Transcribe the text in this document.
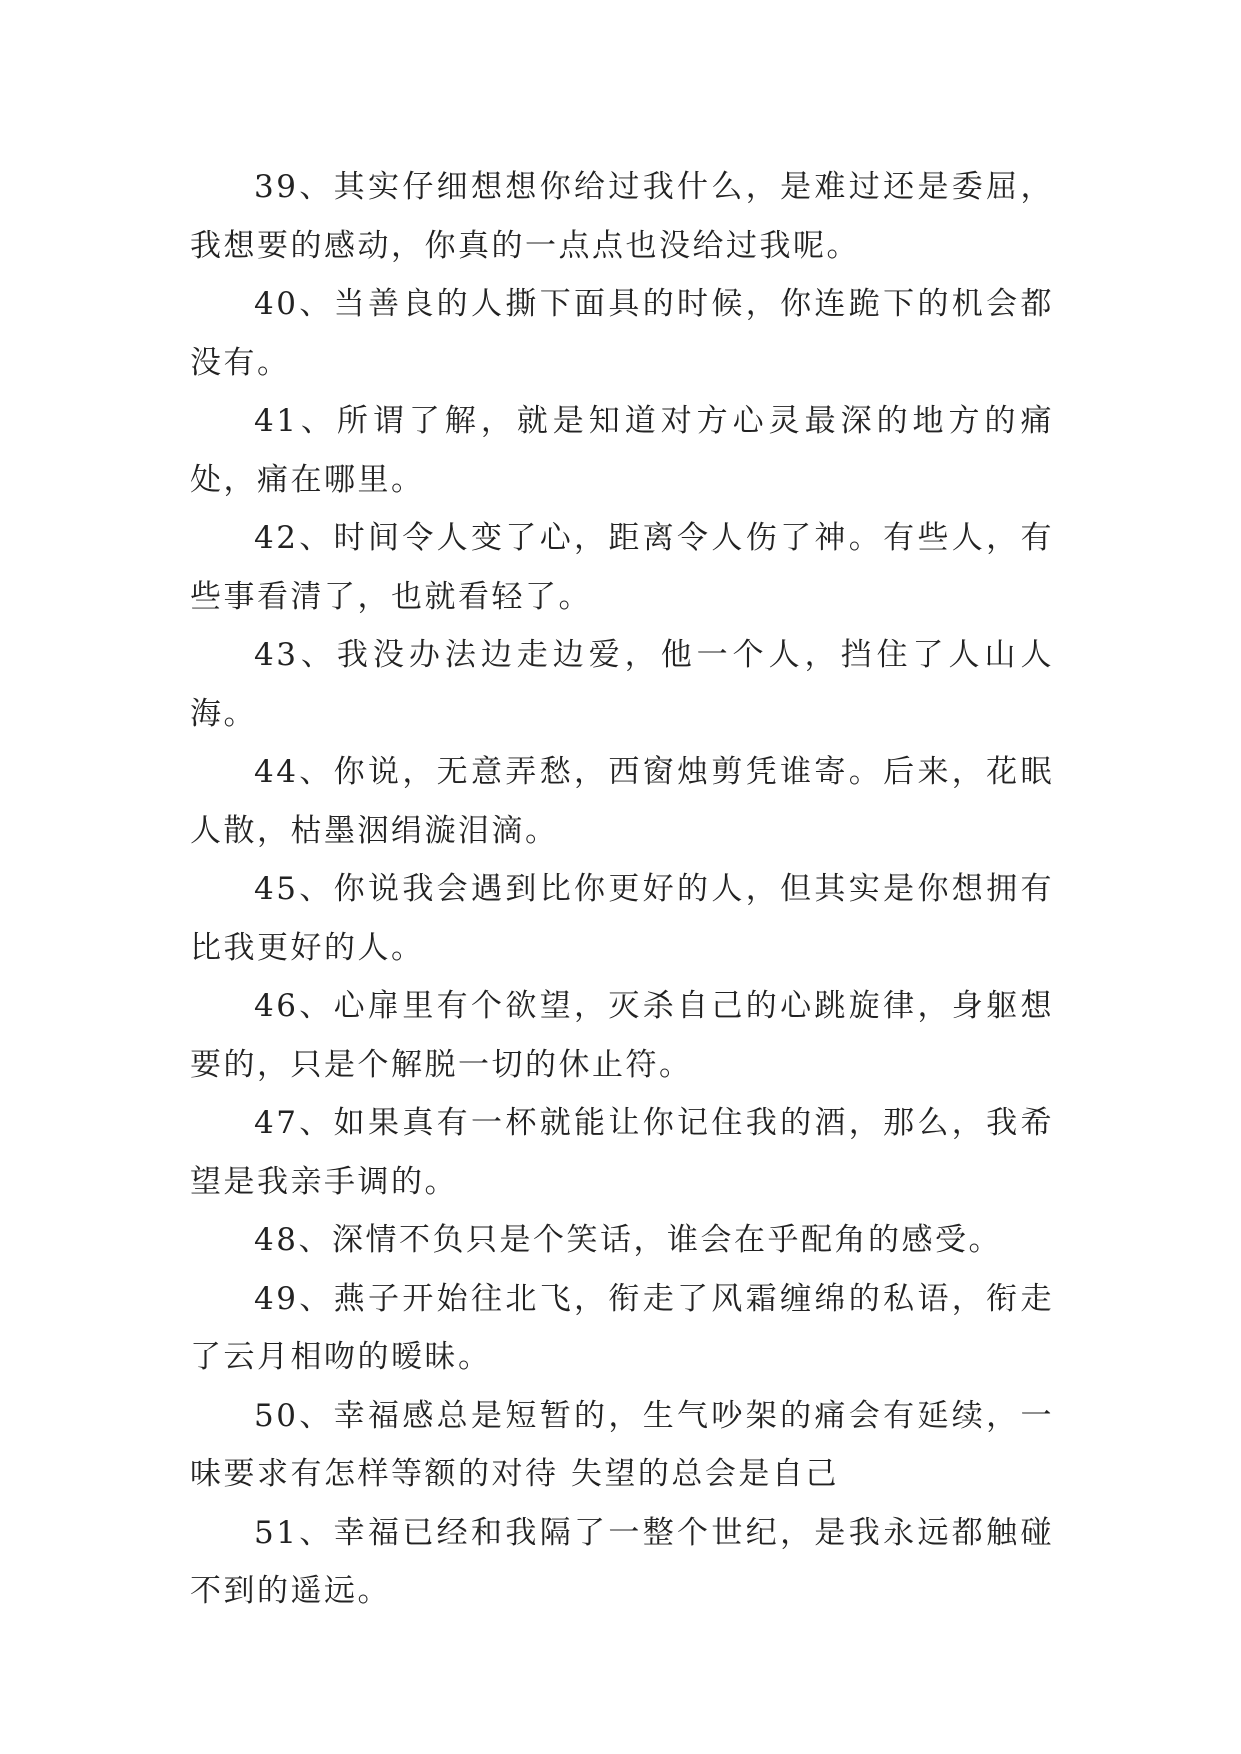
39、其实仔细想想你给过我什么，是难过还是委屈，我想要的感动，你真的一点点也没给过我呢。

40、当善良的人撕下面具的时候，你连跪下的机会都没有。

41、所谓了解，就是知道对方心灵最深的地方的痛处，痛在哪里。

42、时间令人变了心，距离令人伤了神。有些人，有些事看清了，也就看轻了。

43、我没办法边走边爱，他一个人，挡住了人山人海。

44、你说，无意弄愁，西窗烛剪凭谁寄。后来，花眠人散，枯墨洇绢漩泪滴。

45、你说我会遇到比你更好的人，但其实是你想拥有比我更好的人。

46、心扉里有个欲望，灭杀自己的心跳旋律，身躯想要的，只是个解脱一切的休止符。

47、如果真有一杯就能让你记住我的酒，那么，我希望是我亲手调的。

48、深情不负只是个笑话，谁会在乎配角的感受。

49、燕子开始往北飞，衔走了风霜缠绵的私语，衔走了云月相吻的暧昧。

50、幸福感总是短暂的，生气吵架的痛会有延续，一味要求有怎样等额的对待 失望的总会是自己

51、幸福已经和我隔了一整个世纪，是我永远都触碰不到的遥远。
